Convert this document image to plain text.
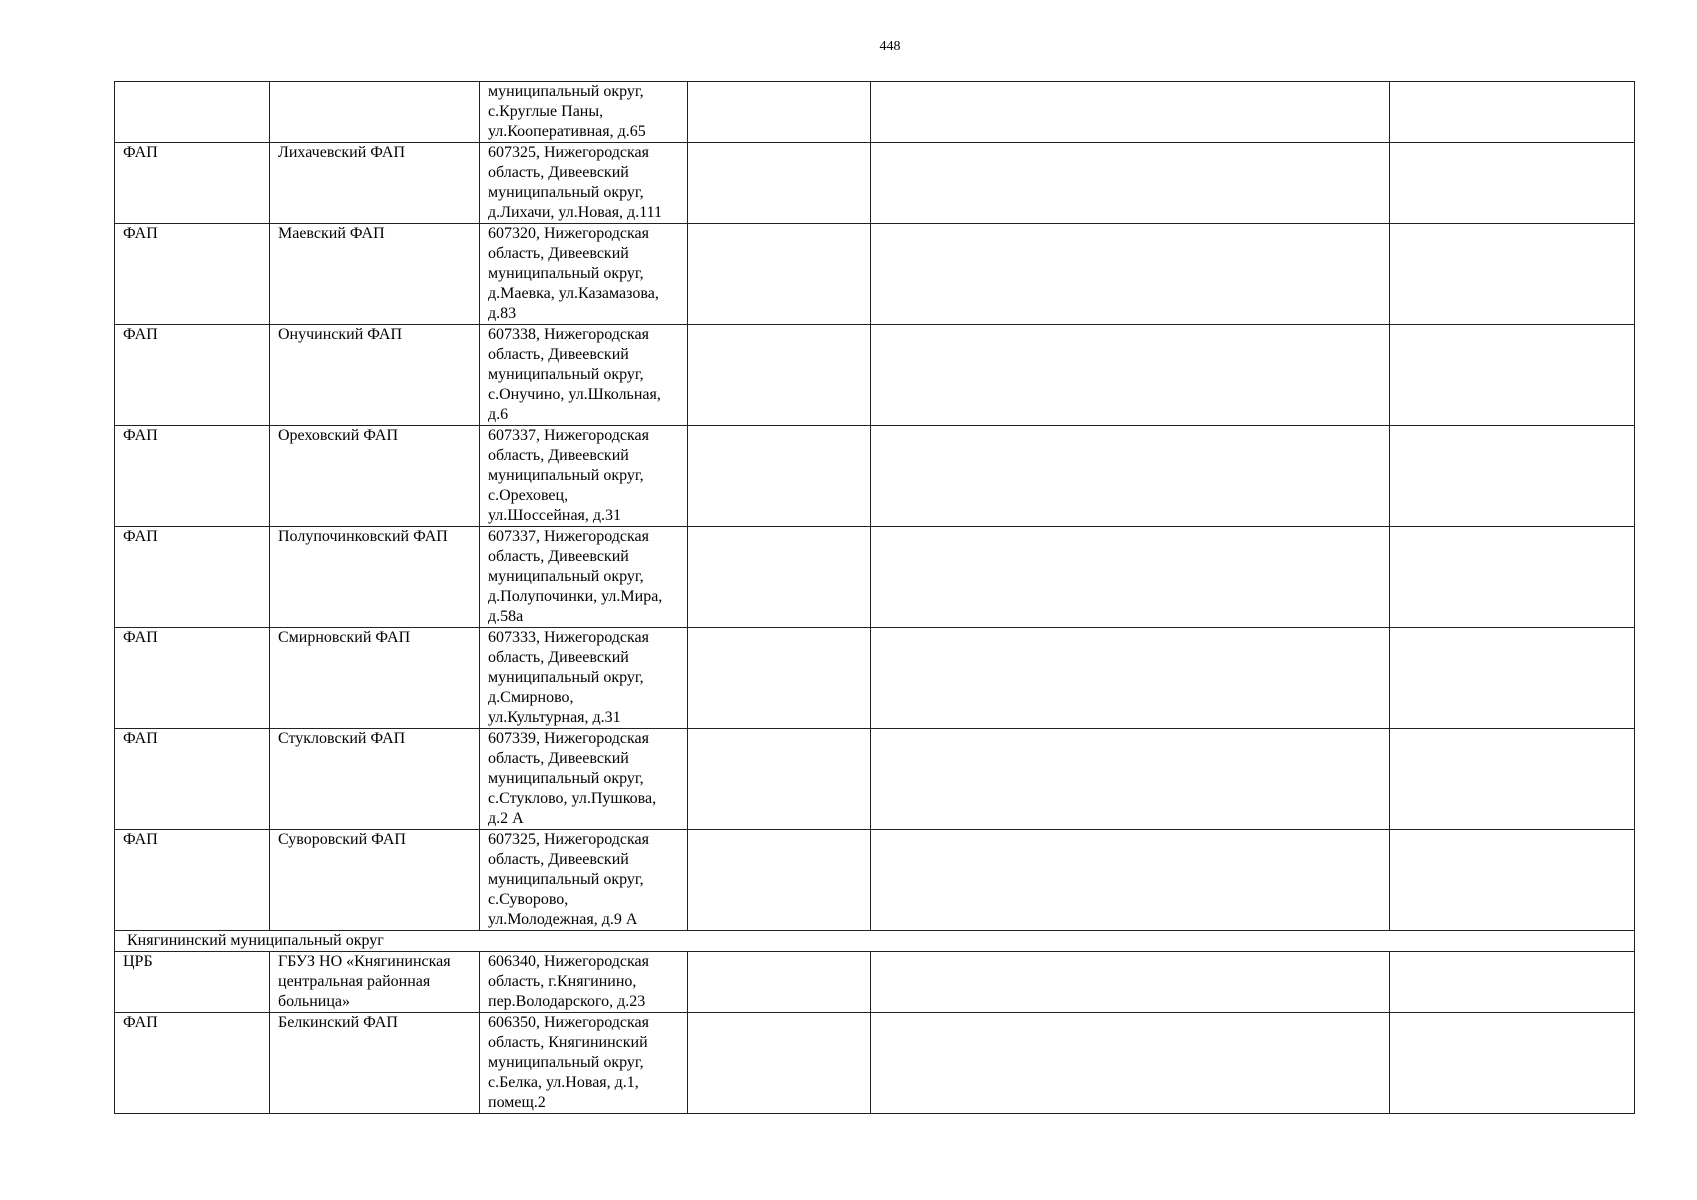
448

		муниципальный округ,
с.Круглые Паны,
ул.Кооперативная, д.65			

ФАП	Лихачевский ФАП	607325, Нижегородская
область, Дивеевский
муниципальный округ,
д.Лихачи, ул.Новая, д.111			

ФАП	Маевский ФАП	607320, Нижегородская
область, Дивеевский
муниципальный округ,
д.Маевка, ул.Казамазова,
д.83			

ФАП	Онучинский ФАП	607338, Нижегородская
область, Дивеевский
муниципальный округ,
с.Онучино, ул.Школьная,
д.6			

ФАП	Ореховский ФАП	607337, Нижегородская
область, Дивеевский
муниципальный округ,
с.Ореховец,
ул.Шоссейная, д.31			

ФАП	Полупочинковский ФАП	607337, Нижегородская
область, Дивеевский
муниципальный округ,
д.Полупочинки, ул.Мира,
д.58а			

ФАП	Смирновский ФАП	607333, Нижегородская
область, Дивеевский
муниципальный округ,
д.Смирново,
ул.Культурная, д.31			

ФАП	Стукловский ФАП	607339, Нижегородская
область, Дивеевский
муниципальный округ,
с.Стуклово, ул.Пушкова,
д.2 А			

ФАП	Суворовский ФАП	607325, Нижегородская
область, Дивеевский
муниципальный округ,
с.Суворово,
ул.Молодежная, д.9 А			

Княгининский муниципальный округ					

ЦРБ	ГБУЗ НО «Княгининская
центральная районная
больница»	606340, Нижегородская
область, г.Княгинино,
пер.Володарского, д.23			

ФАП	Белкинский ФАП	606350, Нижегородская
область, Княгининский
муниципальный округ,
с.Белка, ул.Новая, д.1,
помещ.2			
